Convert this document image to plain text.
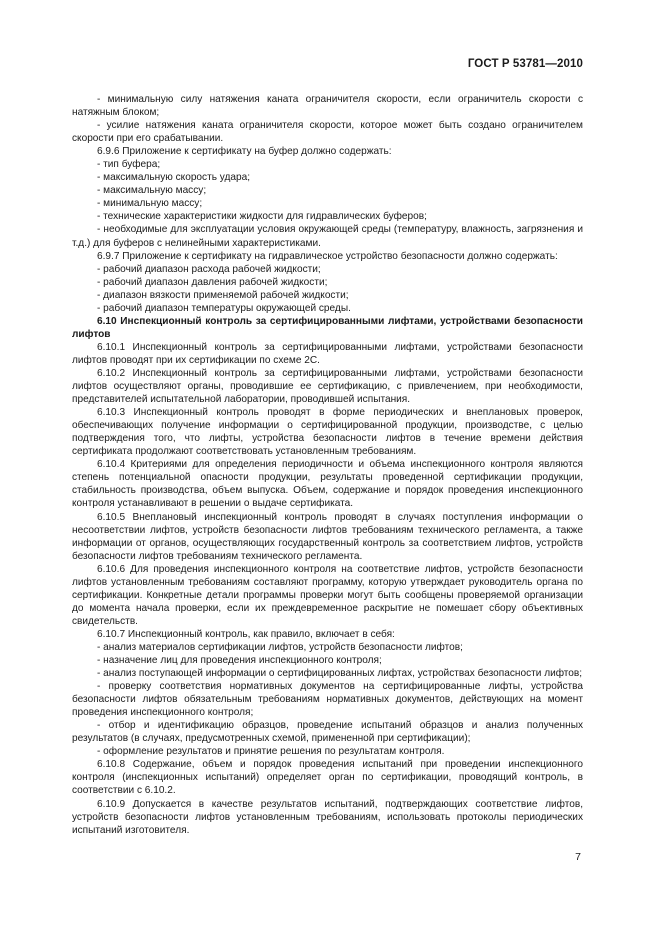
ГОСТ Р 53781—2010

- минимальную силу натяжения каната ограничителя скорости, если ограничитель скорости с натяжным блоком;

- усилие натяжения каната ограничителя скорости, которое может быть создано ограничителем скорости при его срабатывании.

6.9.6 Приложение к сертификату на буфер должно содержать:

- тип буфера;

- максимальную скорость удара;

- максимальную массу;

- минимальную массу;

- технические характеристики жидкости для гидравлических буферов;

- необходимые для эксплуатации условия окружающей среды (температуру, влажность, загрязнения и т.д.) для буферов с нелинейными характеристиками.

6.9.7 Приложение к сертификату на гидравлическое устройство безопасности должно содержать:

- рабочий диапазон расхода рабочей жидкости;

- рабочий диапазон давления рабочей жидкости;

- диапазон вязкости применяемой рабочей жидкости;

- рабочий диапазон температуры окружающей среды.

6.10 Инспекционный контроль за сертифицированными лифтами, устройствами безопасности лифтов

6.10.1 Инспекционный контроль за сертифицированными лифтами, устройствами безопасности лифтов проводят при их сертификации по схеме 2С.

6.10.2 Инспекционный контроль за сертифицированными лифтами, устройствами безопасности лифтов осуществляют органы, проводившие ее сертификацию, с привлечением, при необходимости, представителей испытательной лаборатории, проводившей испытания.

6.10.3 Инспекционный контроль проводят в форме периодических и внеплановых проверок, обеспечивающих получение информации о сертифицированной продукции, производстве, с целью подтверждения того, что лифты, устройства безопасности лифтов в течение времени действия сертификата продолжают соответствовать установленным требованиям.

6.10.4 Критериями для определения периодичности и объема инспекционного контроля являются степень потенциальной опасности продукции, результаты проведенной сертификации продукции, стабильность производства, объем выпуска. Объем, содержание и порядок проведения инспекционного контроля устанавливают в решении о выдаче сертификата.

6.10.5 Внеплановый инспекционный контроль проводят в случаях поступления информации о несоответствии лифтов, устройств безопасности лифтов требованиям технического регламента, а также информации от органов, осуществляющих государственный контроль за соответствием лифтов, устройств безопасности лифтов требованиям технического регламента.

6.10.6 Для проведения инспекционного контроля на соответствие лифтов, устройств безопасности лифтов установленным требованиям составляют программу, которую утверждает руководитель органа по сертификации. Конкретные детали программы проверки могут быть сообщены проверяемой организации до момента начала проверки, если их преждевременное раскрытие не помешает сбору объективных свидетельств.

6.10.7 Инспекционный контроль, как правило, включает в себя:

- анализ материалов сертификации лифтов, устройств безопасности лифтов;

- назначение лиц для проведения инспекционного контроля;

- анализ поступающей информации о сертифицированных лифтах, устройствах безопасности лифтов;

- проверку соответствия нормативных документов на сертифицированные лифты, устройства безопасности лифтов обязательным требованиям нормативных документов, действующих на момент проведения инспекционного контроля;

- отбор и идентификацию образцов, проведение испытаний образцов и анализ полученных результатов (в случаях, предусмотренных схемой, примененной при сертификации);

- оформление результатов и принятие решения по результатам контроля.

6.10.8 Содержание, объем и порядок проведения испытаний при проведении инспекционного контроля (инспекционных испытаний) определяет орган по сертификации, проводящий контроль, в соответствии с 6.10.2.

6.10.9 Допускается в качестве результатов испытаний, подтверждающих соответствие лифтов, устройств безопасности лифтов установленным требованиям, использовать протоколы периодических испытаний изготовителя.

7
